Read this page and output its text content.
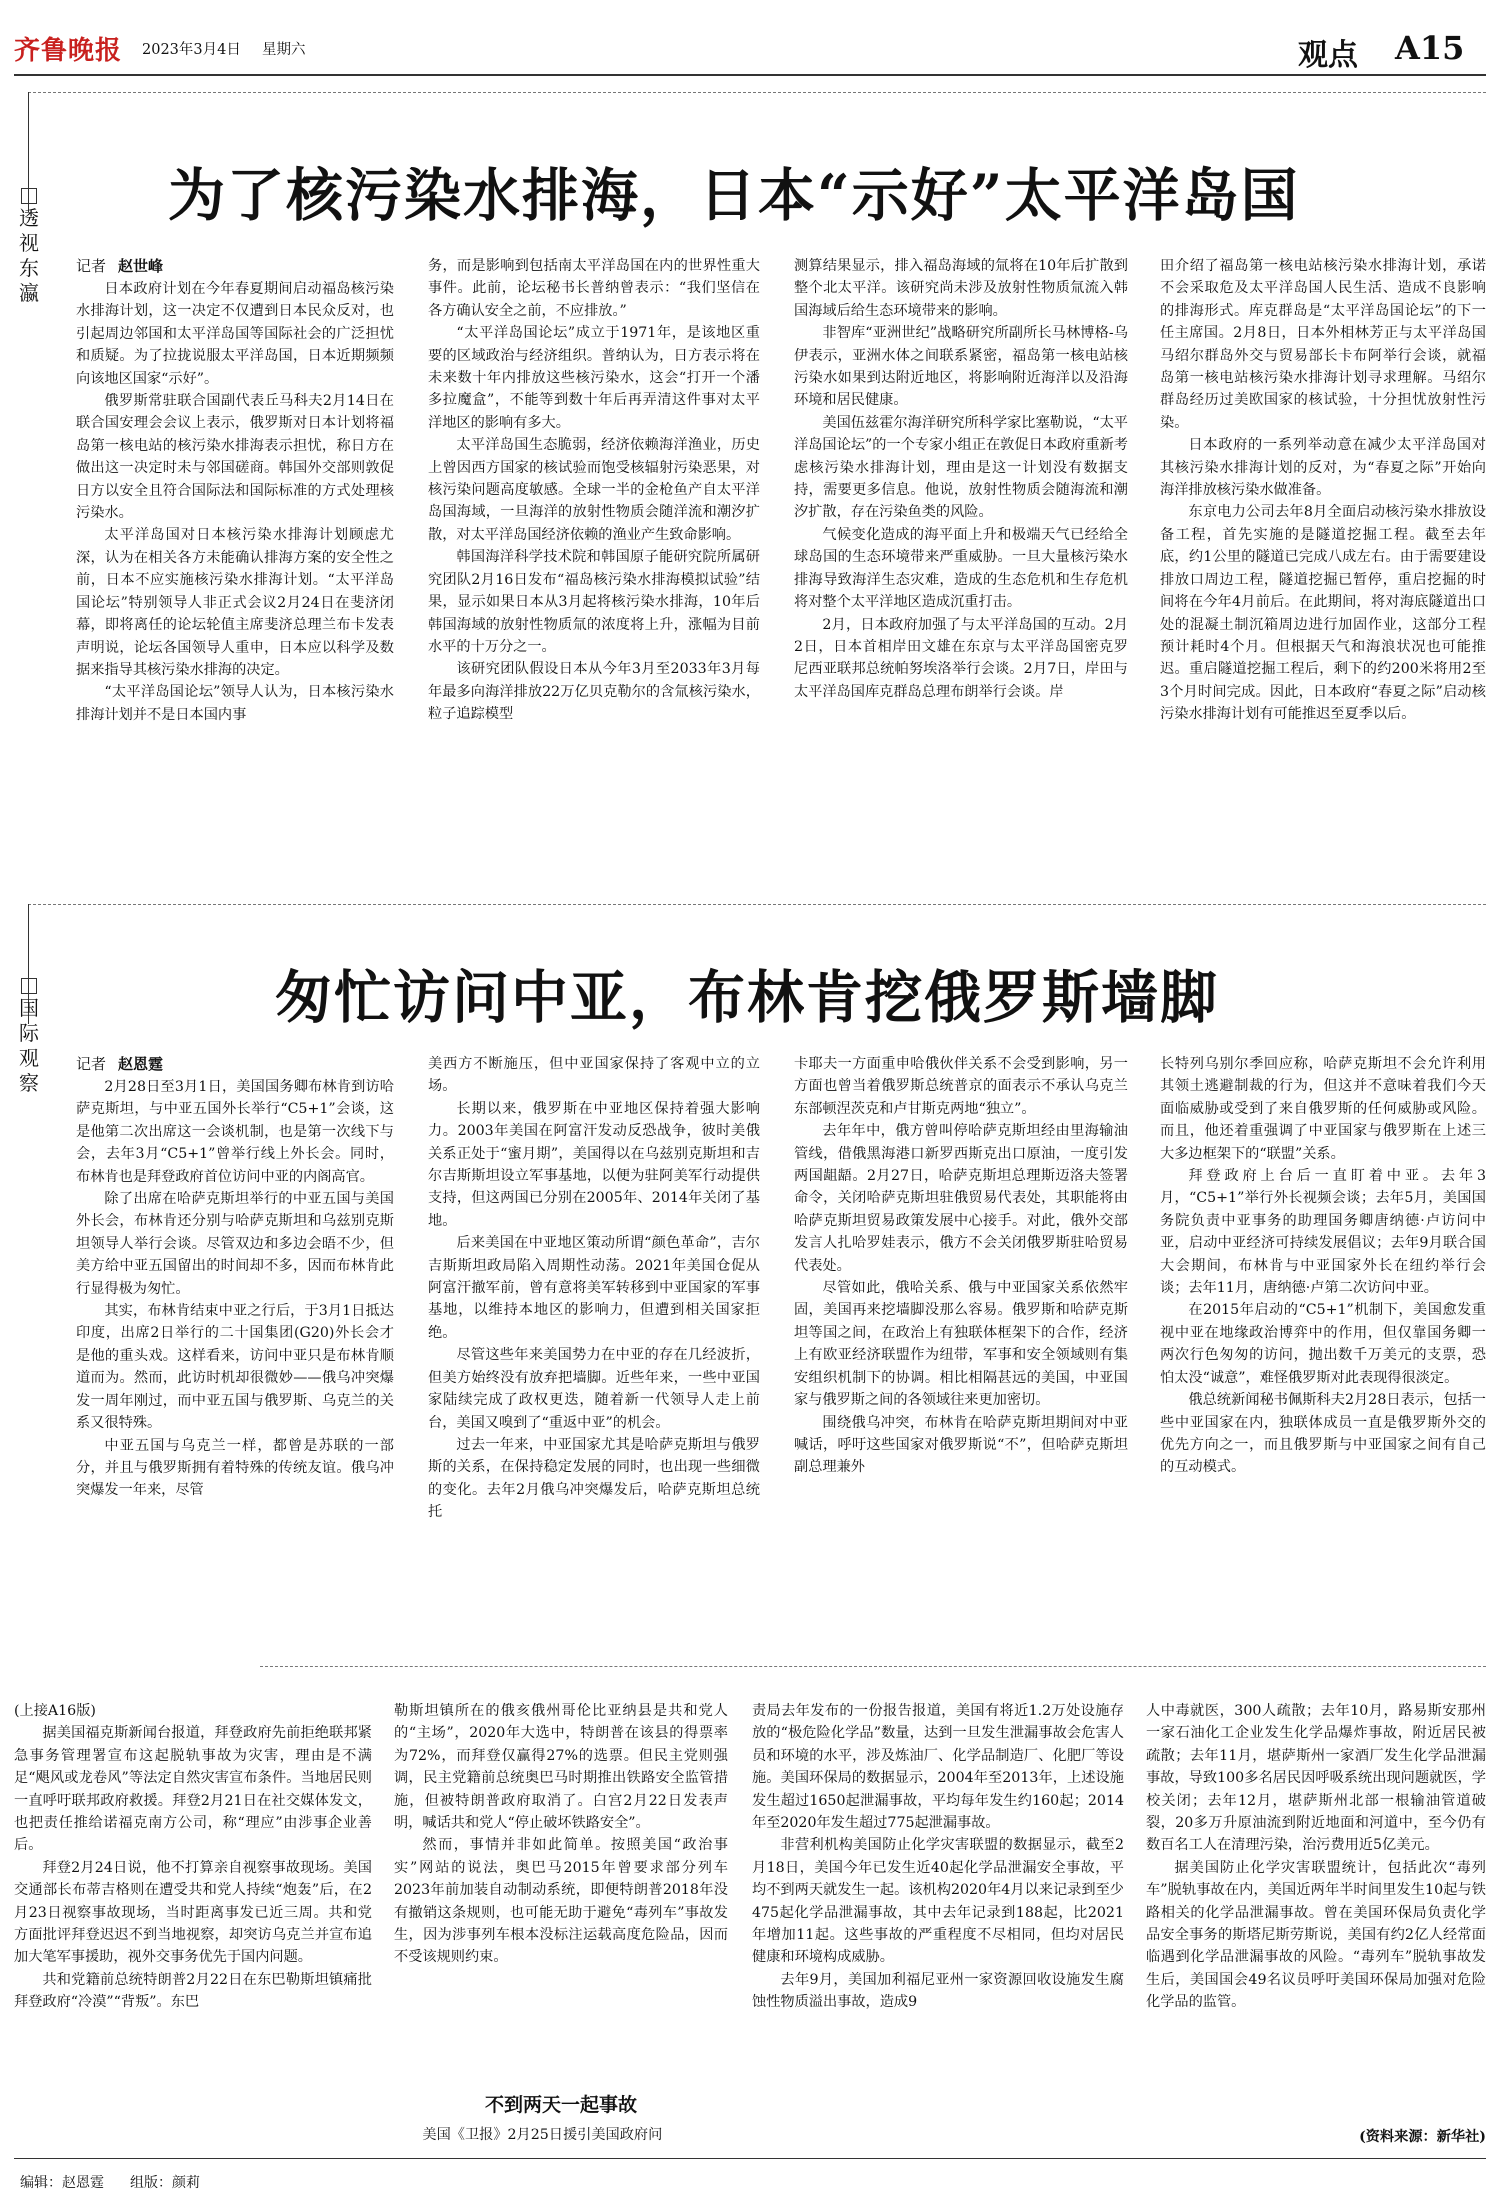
齐鲁晚报 2023年3月4日 星期六	观点 A15
透视东瀛
为了核污染水排海，日本“示好”太平洋岛国
记者 赵世峰

日本政府计划在今年春夏期间启动福岛核污染水排海计划，这一决定不仅遭到日本民众反对，也引起周边邻国和太平洋岛国等国际社会的广泛担忧和质疑。为了拉拢说服太平洋岛国，日本近期频频向该地区国家“示好”。

俄罗斯常驻联合国副代表丘马科夫2月14日在联合国安理会会议上表示，俄罗斯对日本计划将福岛第一核电站的核污染水排海表示担忧，称日方在做出这一决定时未与邻国磋商。韩国外交部则敦促日方以安全且符合国际法和国际标准的方式处理核污染水。

太平洋岛国对日本核污染水排海计划顾虑尤深，认为在相关各方未能确认排海方案的安全性之前，日本不应实施核污染水排海计划。“太平洋岛国论坛”特别领导人非正式会议2月24日在斐济闭幕，即将离任的论坛轮值主席斐济总理兰布卡发表声明说，论坛各国领导人重申，日本应以科学及数据来指导其核污染水排海的决定。

“太平洋岛国论坛”领导人认为，日本核污染水排海计划并不是日本国内事

务，而是影响到包括南太平洋岛国在内的世界性重大事件。此前，论坛秘书长普纳曾表示：“我们坚信在各方确认安全之前，不应排放。”

“太平洋岛国论坛”成立于1971年，是该地区重要的区域政治与经济组织。普纳认为，日方表示将在未来数十年内排放这些核污染水，这会“打开一个潘多拉魔盒”，不能等到数十年后再弄清这件事对太平洋地区的影响有多大。

太平洋岛国生态脆弱，经济依赖海洋渔业，历史上曾因西方国家的核试验而饱受核辐射污染恶果，对核污染问题高度敏感。全球一半的金枪鱼产自太平洋岛国海域，一旦海洋的放射性物质会随洋流和潮汐扩散，对太平洋岛国经济依赖的渔业产生致命影响。

韩国海洋科学技术院和韩国原子能研究院所属研究团队2月16日发布“福岛核污染水排海模拟试验”结果，显示如果日本从3月起将核污染水排海，10年后韩国海域的放射性物质氚的浓度将上升，涨幅为目前水平的十万分之一。

该研究团队假设日本从今年3月至2033年3月每年最多向海洋排放22万亿贝克勒尔的含氚核污染水，粒子追踪模型

测算结果显示，排入福岛海域的氚将在10年后扩散到整个北太平洋。该研究尚未涉及放射性物质氚流入韩国海域后给生态环境带来的影响。

非智库“亚洲世纪”战略研究所副所长马林博格-乌伊表示，亚洲水体之间联系紧密，福岛第一核电站核污染水如果到达附近地区，将影响附近海洋以及沿海环境和居民健康。

美国伍兹霍尔海洋研究所科学家比塞勒说，“太平洋岛国论坛”的一个专家小组正在敦促日本政府重新考虑核污染水排海计划，理由是这一计划没有数据支持，需要更多信息。他说，放射性物质会随海流和潮汐扩散，存在污染鱼类的风险。

气候变化造成的海平面上升和极端天气已经给全球岛国的生态环境带来严重威胁。一旦大量核污染水排海导致海洋生态灾难，造成的生态危机和生存危机将对整个太平洋地区造成沉重打击。

2月，日本政府加强了与太平洋岛国的互动。2月2日，日本首相岸田文雄在东京与太平洋岛国密克罗尼西亚联邦总统帕努埃洛举行会谈。2月7日，岸田与太平洋岛国库克群岛总理布朗举行会谈。岸

田介绍了福岛第一核电站核污染水排海计划，承诺不会采取危及太平洋岛国人民生活、造成不良影响的排海形式。库克群岛是“太平洋岛国论坛”的下一任主席国。2月8日，日本外相林芳正与太平洋岛国马绍尔群岛外交与贸易部长卡布阿举行会谈，就福岛第一核电站核污染水排海计划寻求理解。马绍尔群岛经历过美欧国家的核试验，十分担忧放射性污染。

日本政府的一系列举动意在减少太平洋岛国对其核污染水排海计划的反对，为“春夏之际”开始向海洋排放核污染水做准备。

东京电力公司去年8月全面启动核污染水排放设备工程，首先实施的是隧道挖掘工程。截至去年底，约1公里的隧道已完成八成左右。由于需要建设排放口周边工程，隧道挖掘已暂停，重启挖掘的时间将在今年4月前后。在此期间，将对海底隧道出口处的混凝土制沉箱周边进行加固作业，这部分工程预计耗时4个月。但根据天气和海浪状况也可能推迟。重启隧道挖掘工程后，剩下的约200米将用2至3个月时间完成。因此，日本政府“春夏之际”启动核污染水排海计划有可能推迟至夏季以后。

国际观察
匆忙访问中亚，布林肯挖俄罗斯墙脚
记者 赵恩霆

2月28日至3月1日，美国国务卿布林肯到访哈萨克斯坦，与中亚五国外长举行“C5+1”会谈，这是他第二次出席这一会谈机制，也是第一次线下与会，去年3月“C5+1”曾举行线上外长会。同时，布林肯也是拜登政府首位访问中亚的内阁高官。

除了出席在哈萨克斯坦举行的中亚五国与美国外长会，布林肯还分别与哈萨克斯坦和乌兹别克斯坦领导人举行会谈。尽管双边和多边会晤不少，但美方给中亚五国留出的时间却不多，因而布林肯此行显得极为匆忙。

其实，布林肯结束中亚之行后，于3月1日抵达印度，出席2日举行的二十国集团(G20)外长会才是他的重头戏。这样看来，访问中亚只是布林肯顺道而为。然而，此访时机却很微妙——俄乌冲突爆发一周年刚过，而中亚五国与俄罗斯、乌克兰的关系又很特殊。

中亚五国与乌克兰一样，都曾是苏联的一部分，并且与俄罗斯拥有着特殊的传统友谊。俄乌冲突爆发一年来，尽管

美西方不断施压，但中亚国家保持了客观中立的立场。

长期以来，俄罗斯在中亚地区保持着强大影响力。2003年美国在阿富汗发动反恐战争，彼时美俄关系正处于“蜜月期”，美国得以在乌兹别克斯坦和吉尔吉斯斯坦设立军事基地，以便为驻阿美军行动提供支持，但这两国已分别在2005年、2014年关闭了基地。

后来美国在中亚地区策动所谓“颜色革命”，吉尔吉斯斯坦政局陷入周期性动荡。2021年美国仓促从阿富汗撤军前，曾有意将美军转移到中亚国家的军事基地，以维持本地区的影响力，但遭到相关国家拒绝。

尽管这些年来美国势力在中亚的存在几经波折，但美方始终没有放弃把墙脚。近些年来，一些中亚国家陆续完成了政权更迭，随着新一代领导人走上前台，美国又嗅到了“重返中亚”的机会。

过去一年来，中亚国家尤其是哈萨克斯坦与俄罗斯的关系，在保持稳定发展的同时，也出现一些细微的变化。去年2月俄乌冲突爆发后，哈萨克斯坦总统托

卡耶夫一方面重申哈俄伙伴关系不会受到影响，另一方面也曾当着俄罗斯总统普京的面表示不承认乌克兰东部顿涅茨克和卢甘斯克两地“独立”。

去年年中，俄方曾叫停哈萨克斯坦经由里海输油管线，借俄黑海港口新罗西斯克出口原油，一度引发两国龃龉。2月27日，哈萨克斯坦总理斯迈洛夫签署命令，关闭哈萨克斯坦驻俄贸易代表处，其职能将由哈萨克斯坦贸易政策发展中心接手。对此，俄外交部发言人扎哈罗娃表示，俄方不会关闭俄罗斯驻哈贸易代表处。

尽管如此，俄哈关系、俄与中亚国家关系依然牢固，美国再来挖墙脚没那么容易。俄罗斯和哈萨克斯坦等国之间，在政治上有独联体框架下的合作，经济上有欧亚经济联盟作为纽带，军事和安全领域则有集安组织机制下的协调。相比相隔甚远的美国，中亚国家与俄罗斯之间的各领域往来更加密切。

围绕俄乌冲突，布林肯在哈萨克斯坦期间对中亚喊话，呼吁这些国家对俄罗斯说“不”，但哈萨克斯坦副总理兼外

长特列乌别尔季回应称，哈萨克斯坦不会允许利用其领土逃避制裁的行为，但这并不意味着我们今天面临威胁或受到了来自俄罗斯的任何威胁或风险。而且，他还着重强调了中亚国家与俄罗斯在上述三大多边框架下的“联盟”关系。

拜登政府上台后一直盯着中亚。去年3月，“C5+1”举行外长视频会谈；去年5月，美国国务院负责中亚事务的助理国务卿唐纳德·卢访问中亚，启动中亚经济可持续发展倡议；去年9月联合国大会期间，布林肯与中亚国家外长在纽约举行会谈；去年11月，唐纳德·卢第二次访问中亚。

在2015年启动的“C5+1”机制下，美国愈发重视中亚在地缘政治博弈中的作用，但仅靠国务卿一两次行色匆匆的访问，抛出数千万美元的支票，恐怕太没“诚意”，难怪俄罗斯对此表现得很淡定。

俄总统新闻秘书佩斯科夫2月28日表示，包括一些中亚国家在内，独联体成员一直是俄罗斯外交的优先方向之一，而且俄罗斯与中亚国家之间有自己的互动模式。

(上接A16版)

据美国福克斯新闻台报道，拜登政府先前拒绝联邦紧急事务管理署宣布这起脱轨事故为灾害，理由是不满足“飓风或龙卷风”等法定自然灾害宣布条件。当地居民则一直呼吁联邦政府救援。拜登2月21日在社交媒体发文，也把责任推给诺福克南方公司，称“理应”由涉事企业善后。

拜登2月24日说，他不打算亲自视察事故现场。美国交通部长布蒂吉格则在遭受共和党人持续“炮轰”后，在2月23日视察事故现场，当时距离事发已近三周。共和党方面批评拜登迟迟不到当地视察，却突访乌克兰并宣布追加大笔军事援助，视外交事务优先于国内问题。

共和党籍前总统特朗普2月22日在东巴勒斯坦镇痛批拜登政府“冷漠”“背叛”。东巴

勒斯坦镇所在的俄亥俄州哥伦比亚纳县是共和党人的“主场”，2020年大选中，特朗普在该县的得票率为72%，而拜登仅赢得27%的选票。但民主党则强调，民主党籍前总统奥巴马时期推出铁路安全监管措施，但被特朗普政府取消了。白宫2月22日发表声明，喊话共和党人“停止破坏铁路安全”。

然而，事情并非如此简单。按照美国“政治事实”网站的说法，奥巴马2015年曾要求部分列车2023年前加装自动制动系统，即便特朗普2018年没有撤销这条规则，也可能无助于避免“毒列车”事故发生，因为涉事列车根本没标注运载高度危险品，因而不受该规则约束。

不到两天一起事故

美国《卫报》2月25日援引美国政府问

责局去年发布的一份报告报道，美国有将近1.2万处设施存放的“极危险化学品”数量，达到一旦发生泄漏事故会危害人员和环境的水平，涉及炼油厂、化学品制造厂、化肥厂等设施。美国环保局的数据显示，2004年至2013年，上述设施发生超过1650起泄漏事故，平均每年发生约160起；2014年至2020年发生超过775起泄漏事故。

非营利机构美国防止化学灾害联盟的数据显示，截至2月18日，美国今年已发生近40起化学品泄漏安全事故，平均不到两天就发生一起。该机构2020年4月以来记录到至少475起化学品泄漏事故，其中去年记录到188起，比2021年增加11起。这些事故的严重程度不尽相同，但均对居民健康和环境构成威胁。

去年9月，美国加利福尼亚州一家资源回收设施发生腐蚀性物质溢出事故，造成9

人中毒就医，300人疏散；去年10月，路易斯安那州一家石油化工企业发生化学品爆炸事故，附近居民被疏散；去年11月，堪萨斯州一家酒厂发生化学品泄漏事故，导致100多名居民因呼吸系统出现问题就医，学校关闭；去年12月，堪萨斯州北部一根输油管道破裂，20多万升原油流到附近地面和河道中，至今仍有数百名工人在清理污染，治污费用近5亿美元。

据美国防止化学灾害联盟统计，包括此次“毒列车”脱轨事故在内，美国近两年半时间里发生10起与铁路相关的化学品泄漏事故。曾在美国环保局负责化学品安全事务的斯塔尼斯劳斯说，美国有约2亿人经常面临遇到化学品泄漏事故的风险。“毒列车”脱轨事故发生后，美国国会49名议员呼吁美国环保局加强对危险化学品的监管。

(资料来源：新华社)
编辑：赵恩霆 组版：颜莉
